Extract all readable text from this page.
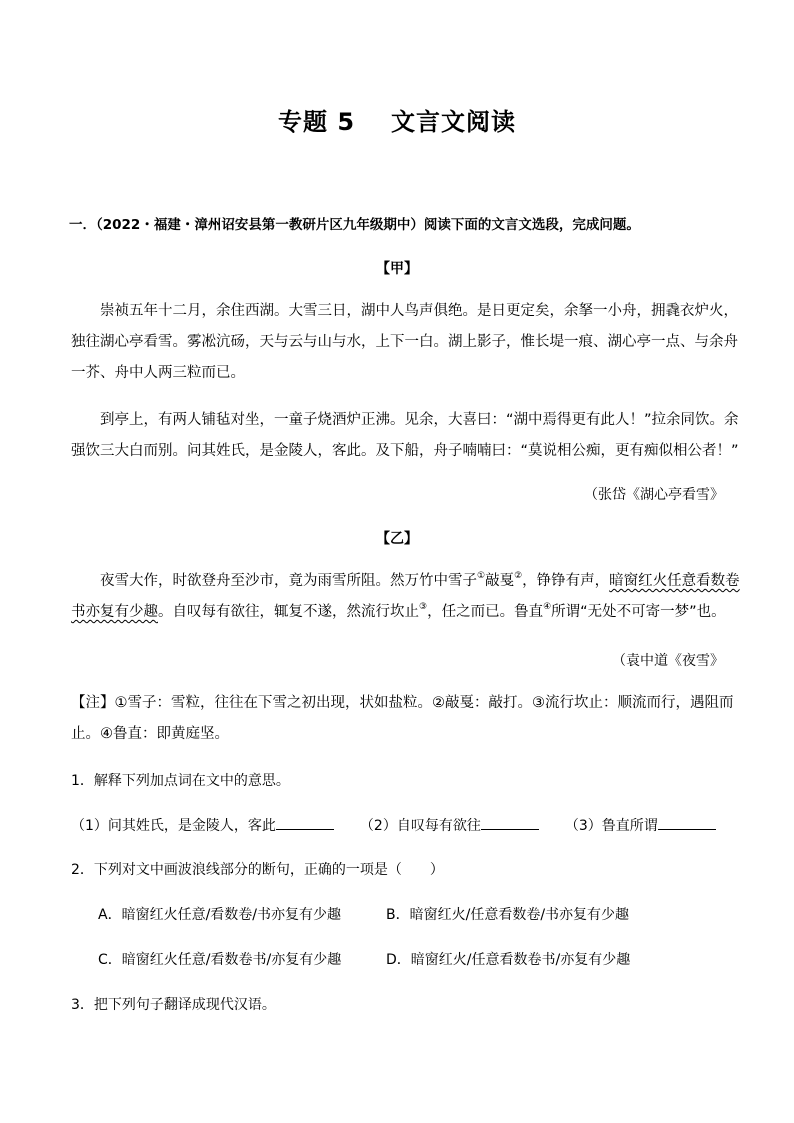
专题 5 文言文阅读
一．（2022・福建・漳州诏安县第一教研片区九年级期中）阅读下面的文言文选段，完成问题。
【甲】
崇祯五年十二月，余住西湖。大雪三日，湖中人鸟声俱绝。是日更定矣，余拏一小舟，拥毳衣炉火，
独往湖心亭看雪。雾凇沆砀，天与云与山与水，上下一白。湖上影子，惟长堤一痕、湖心亭一点、与余舟
一芥、舟中人两三粒而已。
到亭上，有两人铺毡对坐，一童子烧酒炉正沸。见余，大喜曰：“湖中焉得更有此人！”拉余同饮。余
强饮三大白而别。问其姓氏，是金陵人，客此。及下船，舟子喃喃曰：“莫说相公痴，更有痴似相公者！”
（张岱《湖心亭看雪》
【乙】
夜雪大作，时欲登舟至沙市，竟为雨雪所阻。然万竹中雪子①敲戛②，铮铮有声，暗窗红火任意看数卷
书亦复有少趣。自叹每有欲往，辄复不遂，然流行坎止③，任之而已。鲁直④所谓“无处不可寄一梦”也。
（袁中道《夜雪》
【注】①雪子：雪粒，往往在下雪之初出现，状如盐粒。②敲戛：敲打。③流行坎止：顺流而行，遇阻而
止。④鲁直：即黄庭坚。
1．解释下列加点词在文中的意思。
（1）问其姓氏，是金陵人，客此	（2）自叹每有欲往	（3）鲁直所谓
2．下列对文中画波浪线部分的断句，正确的一项是（　　）
A．暗窗红火任意/看数卷/书亦复有少趣	B．暗窗红火/任意看数卷/书亦复有少趣
C．暗窗红火任意/看数卷书/亦复有少趣	D．暗窗红火/任意看数卷书/亦复有少趣
3．把下列句子翻译成现代汉语。
